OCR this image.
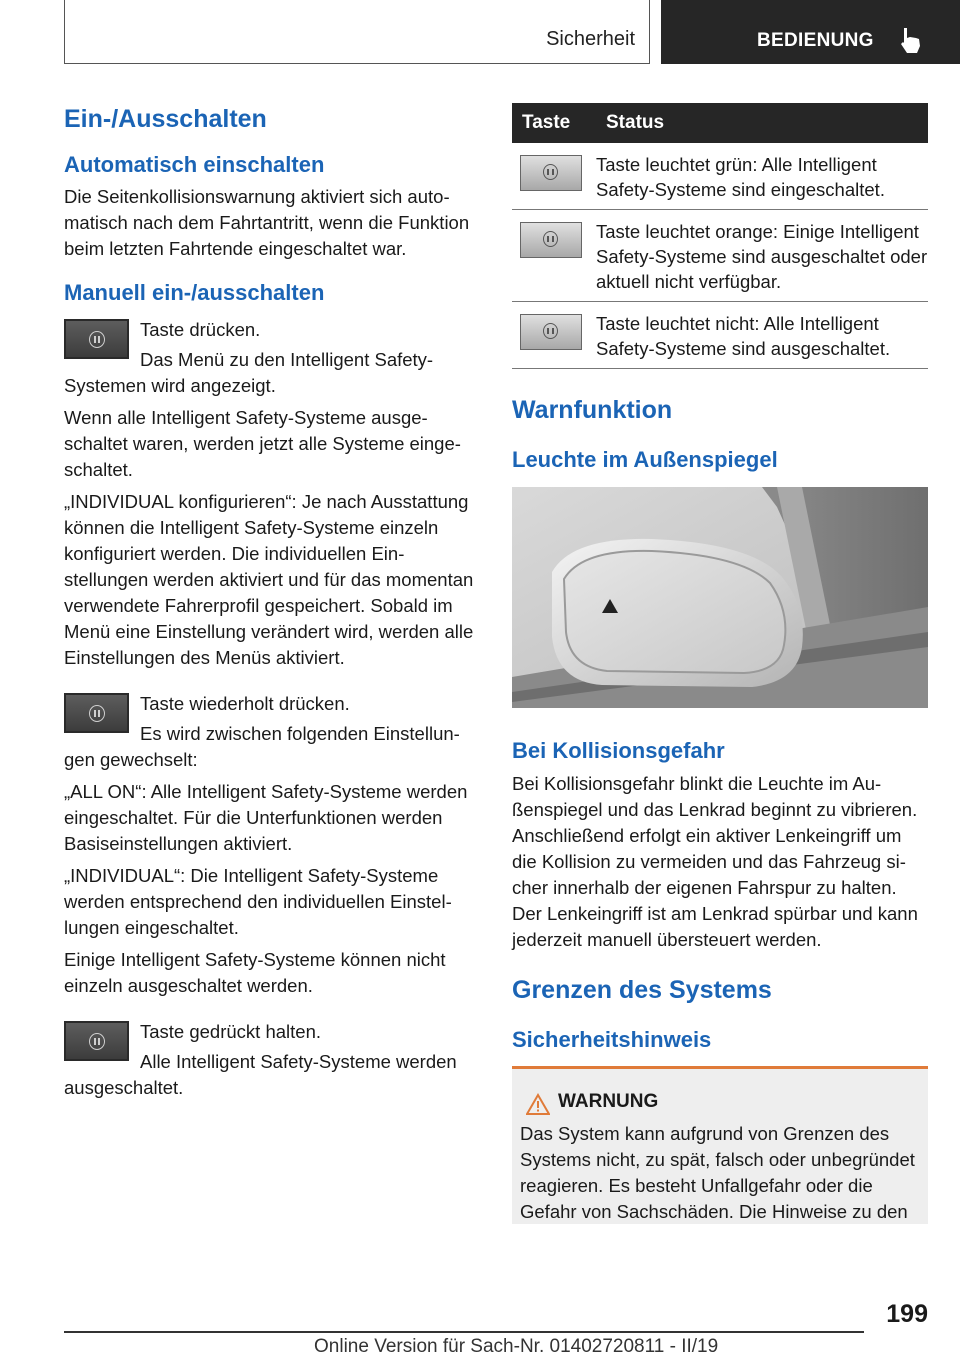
Sicherheit	BEDIENUNG
Ein-/Ausschalten
Automatisch einschalten

Die Seitenkollisionswarnung aktiviert sich automatisch nach dem Fahrtantritt, wenn die Funktion beim letzten Fahrtende eingeschaltet war.

Manuell ein-/ausschalten

Taste drücken.

Das Menü zu den Intelligent Safety-Systemen wird angezeigt.

Wenn alle Intelligent Safety-Systeme ausgeschaltet waren, werden jetzt alle Systeme eingeschaltet.

„INDIVIDUAL konfigurieren“: Je nach Ausstattung können die Intelligent Safety-Systeme einzeln konfiguriert werden. Die individuellen Einstellungen werden aktiviert und für das momentan verwendete Fahrerprofil gespeichert. Sobald im Menü eine Einstellung verändert wird, werden alle Einstellungen des Menüs aktiviert.

Taste wiederholt drücken.

Es wird zwischen folgenden Einstellungen gewechselt:

„ALL ON“: Alle Intelligent Safety-Systeme werden eingeschaltet. Für die Unterfunktionen werden Basiseinstellungen aktiviert.

„INDIVIDUAL“: Die Intelligent Safety-Systeme werden entsprechend den individuellen Einstellungen eingeschaltet.

Einige Intelligent Safety-Systeme können nicht einzeln ausgeschaltet werden.

Taste gedrückt halten.

Alle Intelligent Safety-Systeme werden ausgeschaltet.

Taste	Status

	Taste leuchtet grün: Alle Intelligent Safety-Systeme sind eingeschaltet.

	Taste leuchtet orange: Einige Intelligent Safety-Systeme sind ausgeschaltet oder aktuell nicht verfügbar.

	Taste leuchtet nicht: Alle Intelligent Safety-Systeme sind ausgeschaltet.
Warnfunktion
Leuchte im Außenspiegel
Bei Kollisionsgefahr

Bei Kollisionsgefahr blinkt die Leuchte im Außenspiegel und das Lenkrad beginnt zu vibrieren. Anschließend erfolgt ein aktiver Lenkeingriff um die Kollision zu vermeiden und das Fahrzeug sicher innerhalb der eigenen Fahrspur zu halten. Der Lenkeingriff ist am Lenkrad spürbar und kann jederzeit manuell übersteuert werden.

Grenzen des Systems
Sicherheitshinweis
WARNUNG

Das System kann aufgrund von Grenzen des Systems nicht, zu spät, falsch oder unbegründet reagieren. Es besteht Unfallgefahr oder die Gefahr von Sachschäden. Die Hinweise zu den

199
Online Version für Sach-Nr. 01402720811 - II/19
